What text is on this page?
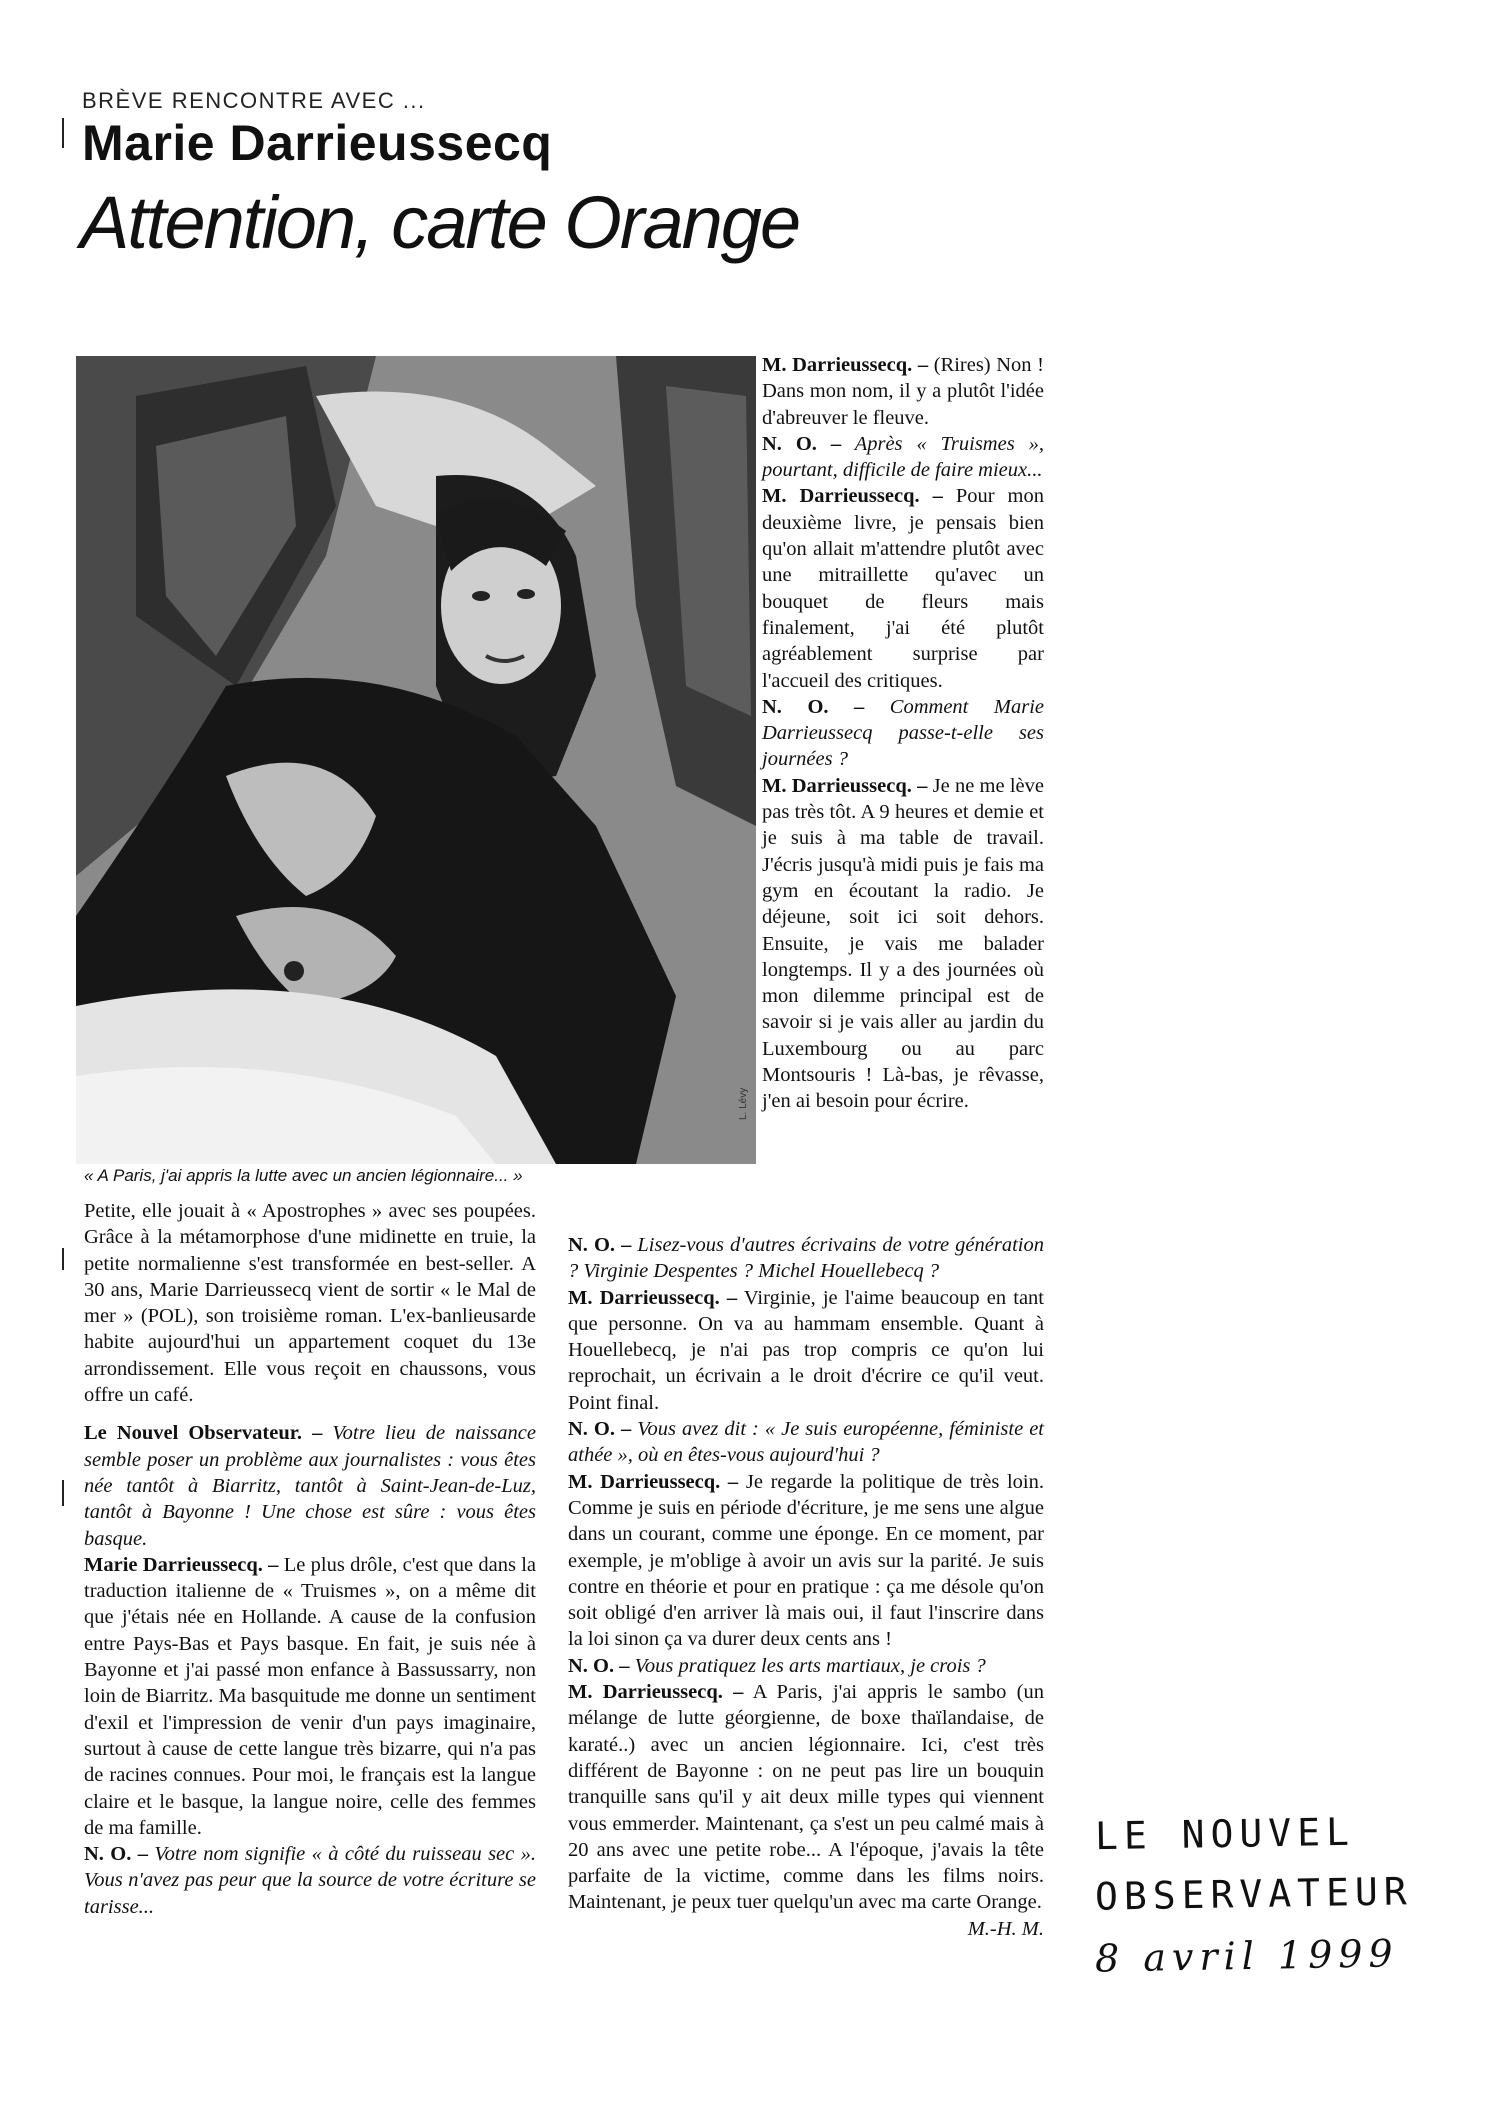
BRÈVE RENCONTRE AVEC ...
Marie Darrieussecq
Attention, carte Orange
L. Lévy
« A Paris, j'ai appris la lutte avec un ancien légionnaire... »

M. Darrieussecq. – (Rires) Non ! Dans mon nom, il y a plutôt l'idée d'abreuver le fleuve.

N. O. – Après « Truismes », pourtant, difficile de faire mieux...

M. Darrieussecq. – Pour mon deuxième livre, je pensais bien qu'on allait m'attendre plutôt avec une mitraillette qu'avec un bouquet de fleurs mais finalement, j'ai été plutôt agréablement surprise par l'accueil des critiques.

N. O. – Comment Marie Darrieussecq passe-t-elle ses journées ?

M. Darrieussecq. – Je ne me lève pas très tôt. A 9 heures et demie et je suis à ma table de travail. J'écris jusqu'à midi puis je fais ma gym en écoutant la radio. Je déjeune, soit ici soit dehors. Ensuite, je vais me balader longtemps. Il y a des journées où mon dilemme principal est de savoir si je vais aller au jardin du Luxembourg ou au parc Montsouris ! Là-bas, je rêvasse, j'en ai besoin pour écrire.

Petite, elle jouait à « Apostrophes » avec ses poupées. Grâce à la métamorphose d'une midinette en truie, la petite normalienne s'est transformée en best-seller. A 30 ans, Marie Darrieussecq vient de sortir « le Mal de mer » (POL), son troisième roman. L'ex-banlieusarde habite aujourd'hui un appartement coquet du 13e arrondissement. Elle vous reçoit en chaussons, vous offre un café.

Le Nouvel Observateur. – Votre lieu de naissance semble poser un problème aux journalistes : vous êtes née tantôt à Biarritz, tantôt à Saint-Jean-de-Luz, tantôt à Bayonne ! Une chose est sûre : vous êtes basque.

Marie Darrieussecq. – Le plus drôle, c'est que dans la traduction italienne de « Truismes », on a même dit que j'étais née en Hollande. A cause de la confusion entre Pays-Bas et Pays basque. En fait, je suis née à Bayonne et j'ai passé mon enfance à Bassussarry, non loin de Biarritz. Ma basquitude me donne un sentiment d'exil et l'impression de venir d'un pays imaginaire, surtout à cause de cette langue très bizarre, qui n'a pas de racines connues. Pour moi, le français est la langue claire et le basque, la langue noire, celle des femmes de ma famille.

N. O. – Votre nom signifie « à côté du ruisseau sec ». Vous n'avez pas peur que la source de votre écriture se tarisse...

N. O. – Lisez-vous d'autres écrivains de votre génération ? Virginie Despentes ? Michel Houellebecq ?

M. Darrieussecq. – Virginie, je l'aime beaucoup en tant que personne. On va au hammam ensemble. Quant à Houellebecq, je n'ai pas trop compris ce qu'on lui reprochait, un écrivain a le droit d'écrire ce qu'il veut. Point final.

N. O. – Vous avez dit : « Je suis européenne, féministe et athée », où en êtes-vous aujourd'hui ?

M. Darrieussecq. – Je regarde la politique de très loin. Comme je suis en période d'écriture, je me sens une algue dans un courant, comme une éponge. En ce moment, par exemple, je m'oblige à avoir un avis sur la parité. Je suis contre en théorie et pour en pratique : ça me désole qu'on soit obligé d'en arriver là mais oui, il faut l'inscrire dans la loi sinon ça va durer deux cents ans !

N. O. – Vous pratiquez les arts martiaux, je crois ?

M. Darrieussecq. – A Paris, j'ai appris le sambo (un mélange de lutte géorgienne, de boxe thaïlandaise, de karaté..) avec un ancien légionnaire. Ici, c'est très différent de Bayonne : on ne peut pas lire un bouquin tranquille sans qu'il y ait deux mille types qui viennent vous emmerder. Maintenant, ça s'est un peu calmé mais à 20 ans avec une petite robe... A l'époque, j'avais la tête parfaite de la victime, comme dans les films noirs. Maintenant, je peux tuer quelqu'un avec ma carte Orange.

M.-H. M.
LE NOUVEL
OBSERVATEUR
8 avril 1999
